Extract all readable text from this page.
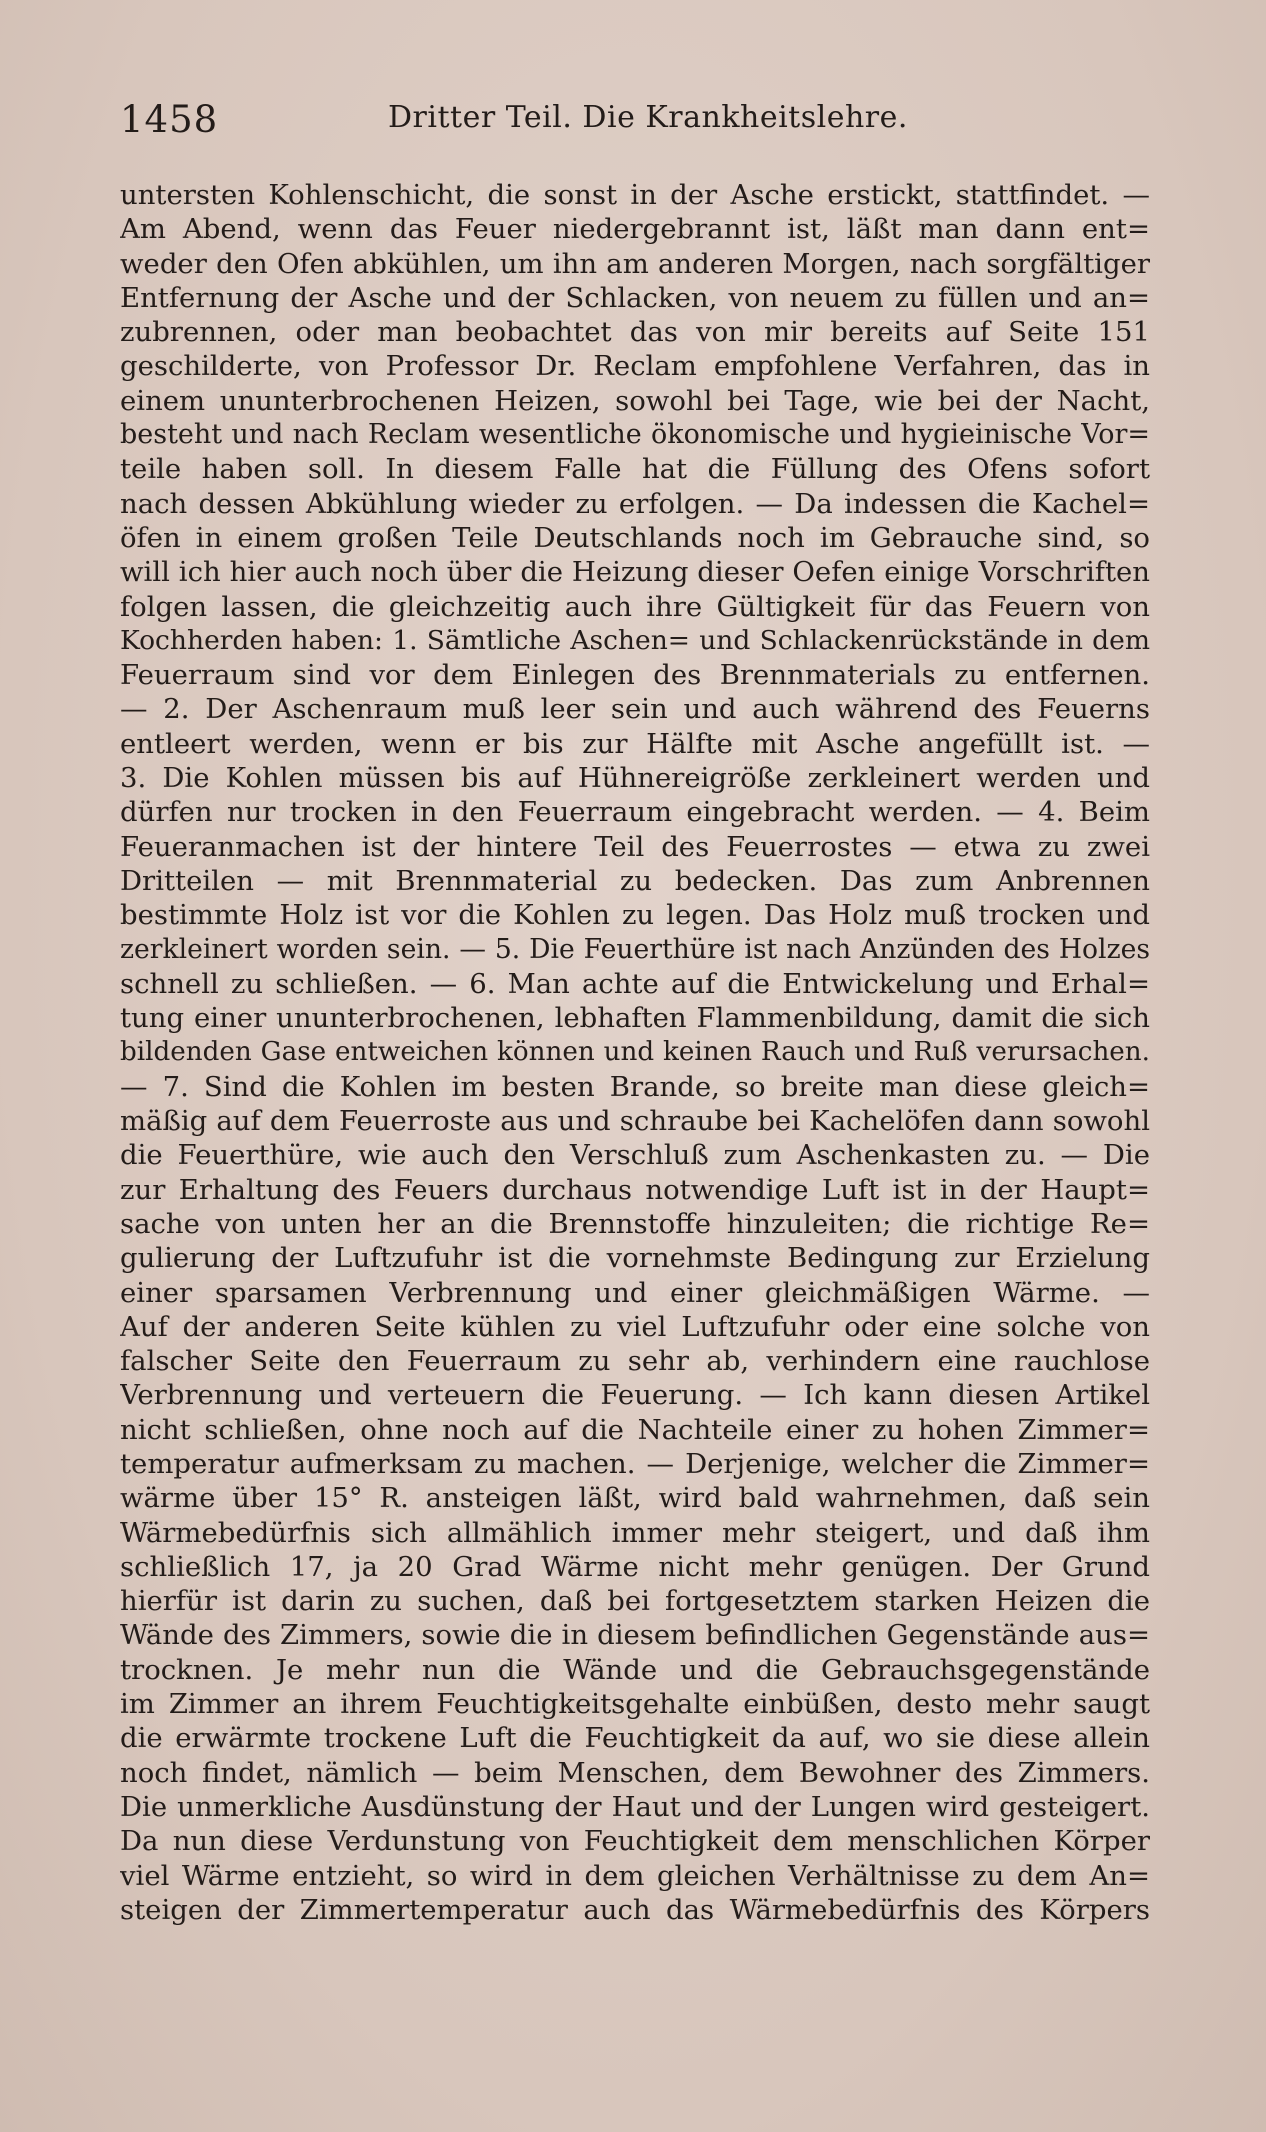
1458	Dritter Teil. Die Krankheitslehre.
untersten Kohlenschicht, die sonst in der Asche erstickt, stattfindet. —
Am Abend, wenn das Feuer niedergebrannt ist, läßt man dann ent=
weder den Ofen abkühlen, um ihn am anderen Morgen, nach sorgfältiger
Entfernung der Asche und der Schlacken, von neuem zu füllen und an=
zubrennen, oder man beobachtet das von mir bereits auf Seite 151
geschilderte, von Professor Dr. Reclam empfohlene Verfahren, das in
einem ununterbrochenen Heizen, sowohl bei Tage, wie bei der Nacht,
besteht und nach Reclam wesentliche ökonomische und hygieinische Vor=
teile haben soll. In diesem Falle hat die Füllung des Ofens sofort
nach dessen Abkühlung wieder zu erfolgen. — Da indessen die Kachel=
öfen in einem großen Teile Deutschlands noch im Gebrauche sind, so
will ich hier auch noch über die Heizung dieser Oefen einige Vorschriften
folgen lassen, die gleichzeitig auch ihre Gültigkeit für das Feuern von
Kochherden haben: 1. Sämtliche Aschen= und Schlackenrückstände in dem
Feuerraum sind vor dem Einlegen des Brennmaterials zu entfernen.
— 2. Der Aschenraum muß leer sein und auch während des Feuerns
entleert werden, wenn er bis zur Hälfte mit Asche angefüllt ist. —
3. Die Kohlen müssen bis auf Hühnereigröße zerkleinert werden und
dürfen nur trocken in den Feuerraum eingebracht werden. — 4. Beim
Feueranmachen ist der hintere Teil des Feuerrostes — etwa zu zwei
Dritteilen — mit Brennmaterial zu bedecken. Das zum Anbrennen
bestimmte Holz ist vor die Kohlen zu legen. Das Holz muß trocken und
zerkleinert worden sein. — 5. Die Feuerthüre ist nach Anzünden des Holzes
schnell zu schließen. — 6. Man achte auf die Entwickelung und Erhal=
tung einer ununterbrochenen, lebhaften Flammenbildung, damit die sich
bildenden Gase entweichen können und keinen Rauch und Ruß verursachen.
— 7. Sind die Kohlen im besten Brande, so breite man diese gleich=
mäßig auf dem Feuerroste aus und schraube bei Kachelöfen dann sowohl
die Feuerthüre, wie auch den Verschluß zum Aschenkasten zu. — Die
zur Erhaltung des Feuers durchaus notwendige Luft ist in der Haupt=
sache von unten her an die Brennstoffe hinzuleiten; die richtige Re=
gulierung der Luftzufuhr ist die vornehmste Bedingung zur Erzielung
einer sparsamen Verbrennung und einer gleichmäßigen Wärme. —
Auf der anderen Seite kühlen zu viel Luftzufuhr oder eine solche von
falscher Seite den Feuerraum zu sehr ab, verhindern eine rauchlose
Verbrennung und verteuern die Feuerung. — Ich kann diesen Artikel
nicht schließen, ohne noch auf die Nachteile einer zu hohen Zimmer=
temperatur aufmerksam zu machen. — Derjenige, welcher die Zimmer=
wärme über 15° R. ansteigen läßt, wird bald wahrnehmen, daß sein
Wärmebedürfnis sich allmählich immer mehr steigert, und daß ihm
schließlich 17, ja 20 Grad Wärme nicht mehr genügen. Der Grund
hierfür ist darin zu suchen, daß bei fortgesetztem starken Heizen die
Wände des Zimmers, sowie die in diesem befindlichen Gegenstände aus=
trocknen. Je mehr nun die Wände und die Gebrauchsgegenstände
im Zimmer an ihrem Feuchtigkeitsgehalte einbüßen, desto mehr saugt
die erwärmte trockene Luft die Feuchtigkeit da auf, wo sie diese allein
noch findet, nämlich — beim Menschen, dem Bewohner des Zimmers.
Die unmerkliche Ausdünstung der Haut und der Lungen wird gesteigert.
Da nun diese Verdunstung von Feuchtigkeit dem menschlichen Körper
viel Wärme entzieht, so wird in dem gleichen Verhältnisse zu dem An=
steigen der Zimmertemperatur auch das Wärmebedürfnis des Körpers
